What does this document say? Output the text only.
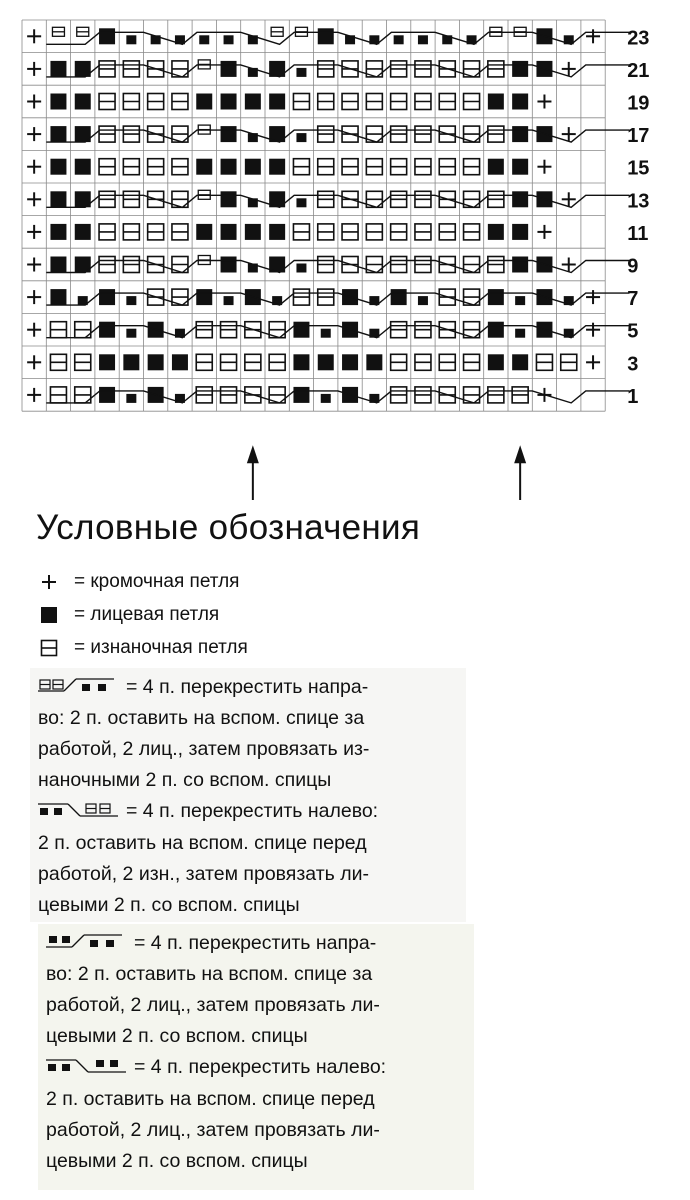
23
21
19
17
15
13
11
9
7
5
3
1
Условные обозначения
= кромочная петля
= лицевая петля
= изнаночная петля
= 4 п. перекрестить напра-
во: 2 п. оставить на вспом. спице за
работой, 2 лиц., затем провязать из-
наночными 2 п. со вспом. спицы
= 4 п. перекрестить налево:
2 п. оставить на вспом. спице перед
работой, 2 изн., затем провязать ли-
цевыми 2 п. со вспом. спицы
= 4 п. перекрестить напра-
во: 2 п. оставить на вспом. спице за
работой, 2 лиц., затем провязать ли-
цевыми 2 п. со вспом. спицы
= 4 п. перекрестить налево:
2 п. оставить на вспом. спице перед
работой, 2 лиц., затем провязать ли-
цевыми 2 п. со вспом. спицы
